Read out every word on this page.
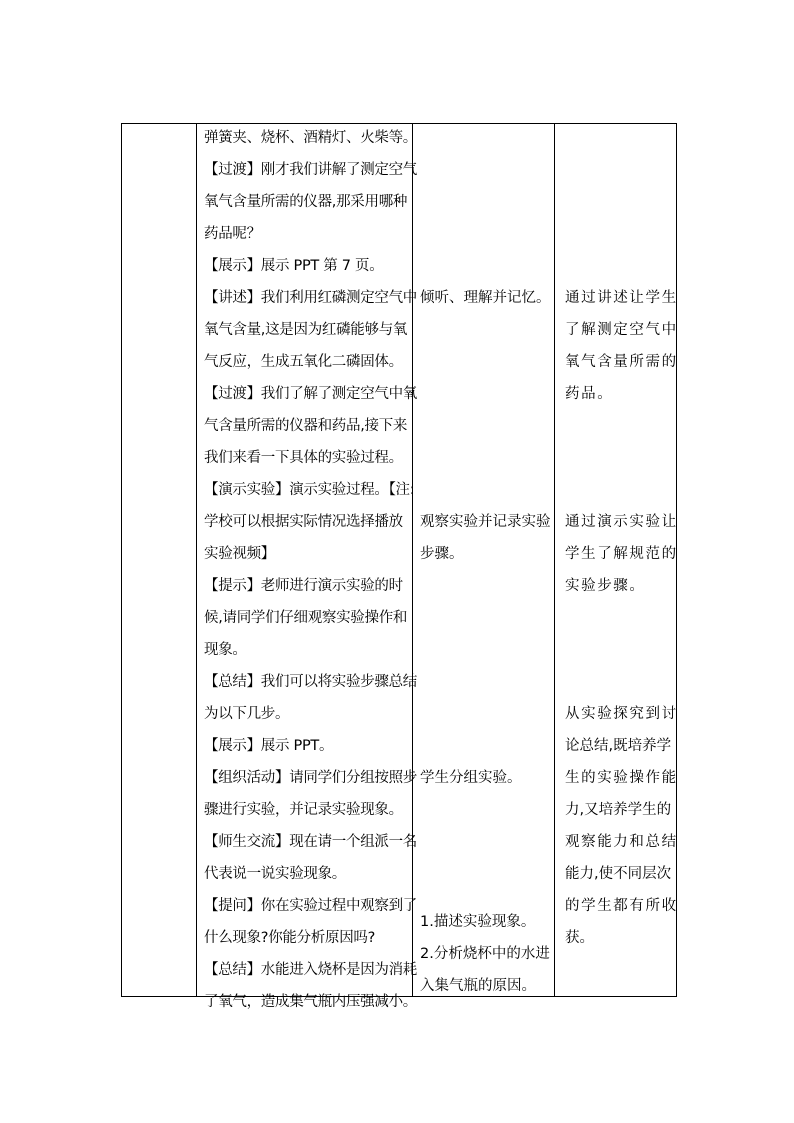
弹簧夹、烧杯、酒精灯、火柴等。
【过渡】刚才我们讲解了测定空气
氧气含量所需的仪器,那采用哪种
药品呢？
【展示】展示 PPT 第 7 页。
【讲述】我们利用红磷测定空气中
氧气含量,这是因为红磷能够与氧
气反应，生成五氧化二磷固体。
【过渡】我们了解了测定空气中氧
气含量所需的仪器和药品,接下来
我们来看一下具体的实验过程。
【演示实验】演示实验过程。【注:
学校可以根据实际情况选择播放
实验视频】
【提示】老师进行演示实验的时
候,请同学们仔细观察实验操作和
现象。
【总结】我们可以将实验步骤总结
为以下几步。
【展示】展示 PPT。
【组织活动】请同学们分组按照步
骤进行实验，并记录实验现象。
【师生交流】现在请一个组派一名
代表说一说实验现象。
【提问】你在实验过程中观察到了
什么现象?你能分析原因吗?
【总结】水能进入烧杯是因为消耗
了氧气，造成集气瓶内压强减小。
倾听、理解并记忆。
观察实验并记录实验
步骤。
学生分组实验。
1.描述实验现象。
2.分析烧杯中的水进
入集气瓶的原因。
通过讲述让学生
了解测定空气中
氧气含量所需的
药品。
通过演示实验让
学生了解规范的
实验步骤。
从实验探究到讨
论总结,既培养学
生的实验操作能
力,又培养学生的
观察能力和总结
能力,使不同层次
的学生都有所收
获。
